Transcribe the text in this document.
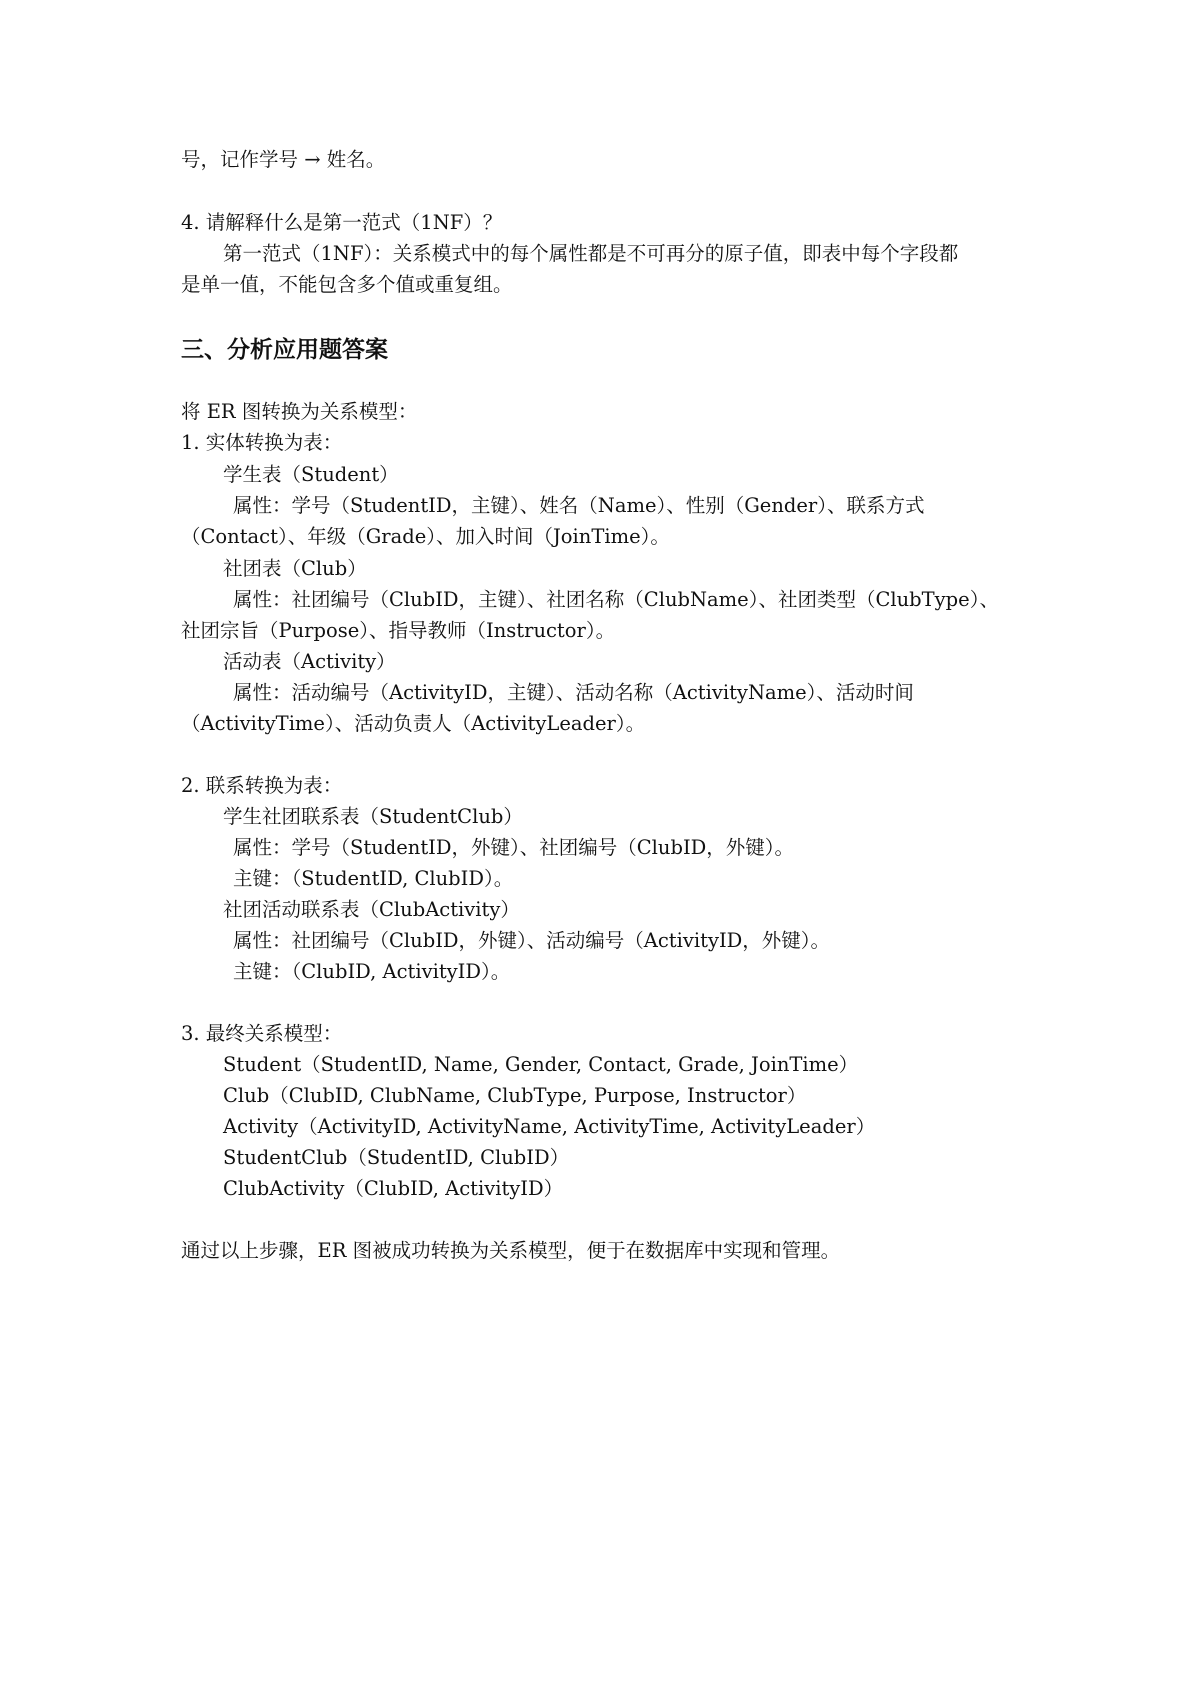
号，记作学号 → 姓名。
4. 请解释什么是第一范式（1NF）？
第一范式（1NF）：关系模式中的每个属性都是不可再分的原子值，即表中每个字段都
是单一值，不能包含多个值或重复组。
三、分析应用题答案
将 ER 图转换为关系模型：
1. 实体转换为表：
学生表（Student）
属性：学号（StudentID，主键）、姓名（Name）、性别（Gender）、联系方式
（Contact）、年级（Grade）、加入时间（JoinTime）。
社团表（Club）
属性：社团编号（ClubID，主键）、社团名称（ClubName）、社团类型（ClubType）、
社团宗旨（Purpose）、指导教师（Instructor）。
活动表（Activity）
属性：活动编号（ActivityID，主键）、活动名称（ActivityName）、活动时间
（ActivityTime）、活动负责人（ActivityLeader）。
2. 联系转换为表：
学生社团联系表（StudentClub）
属性：学号（StudentID，外键）、社团编号（ClubID，外键）。
主键：（StudentID, ClubID）。
社团活动联系表（ClubActivity）
属性：社团编号（ClubID，外键）、活动编号（ActivityID，外键）。
主键：（ClubID, ActivityID）。
3. 最终关系模型：
Student（StudentID, Name, Gender, Contact, Grade, JoinTime）
Club（ClubID, ClubName, ClubType, Purpose, Instructor）
Activity（ActivityID, ActivityName, ActivityTime, ActivityLeader）
StudentClub（StudentID, ClubID）
ClubActivity（ClubID, ActivityID）
通过以上步骤，ER 图被成功转换为关系模型，便于在数据库中实现和管理。
